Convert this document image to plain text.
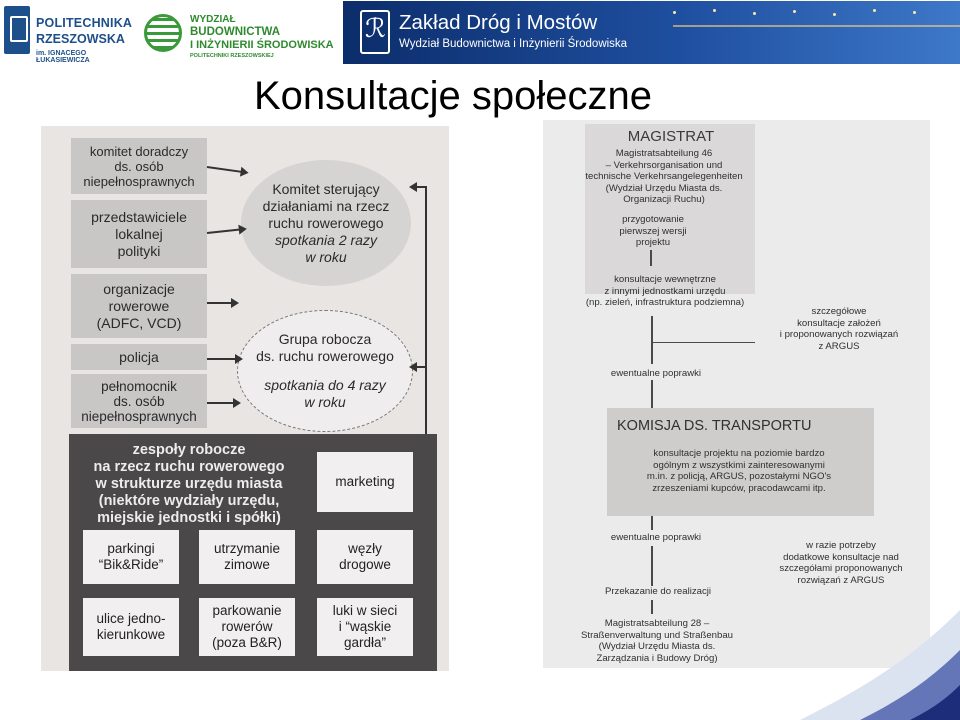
POLITECHNIKA
RZESZOWSKA
im. IGNACEGO ŁUKASIEWICZA
WYDZIAŁ
BUDOWNICTWA
I INŻYNIERII ŚRODOWISKA
POLITECHNIKI RZESZOWSKIEJ
ℛ
Zakład Dróg i Mostów
Wydział Budownictwa i Inżynierii Środowiska
Konsultacje społeczne
komitet doradczy
ds. osób
niepełnosprawnych
przedstawiciele
lokalnej
polityki
organizacje
rowerowe
(ADFC, VCD)
policja
pełnomocnik
ds. osób
niepełnosprawnych
Komitet sterujący
działaniami na rzecz
ruchu rowerowego
spotkania 2 razy
w roku
Grupa robocza
ds. ruchu rowerowego
spotkania do 4 razy
w roku
zespoły robocze
na rzecz ruchu rowerowego
w strukturze urzędu miasta
(niektóre wydziały urzędu,
miejskie jednostki i spółki)
marketing
parkingi
“Bik&Ride”
utrzymanie
zimowe
węzły
drogowe
ulice jedno-
kierunkowe
parkowanie
rowerów
(poza B&R)
luki w sieci
i “wąskie
gardła”
MAGISTRAT
Magistratsabteilung 46
– Verkehrsorganisation und
technische Verkehrsangelegenheiten
(Wydział Urzędu Miasta ds.
Organizacji Ruchu)
przygotowanie
pierwszej wersji
projektu
konsultacje wewnętrzne
z innymi jednostkami urzędu
(np. zieleń, infrastruktura podziemna)
szczegółowe
konsultacje założeń
i proponowanych rozwiązań
z ARGUS
ewentualne poprawki
KOMISJA DS. TRANSPORTU
konsultacje projektu na poziomie bardzo
ogólnym z wszystkimi zainteresowanymi
m.in. z policją, ARGUS, pozostałymi NGO's
zrzeszeniami kupców, pracodawcami itp.
ewentualne poprawki
w razie potrzeby
dodatkowe konsultacje nad
szczegółami proponowanych
rozwiązań z ARGUS
Przekazanie do realizacji
Magistratsabteilung 28 –
Straßenverwaltung und Straßenbau
(Wydział Urzędu Miasta ds.
Zarządzania i Budowy Dróg)
